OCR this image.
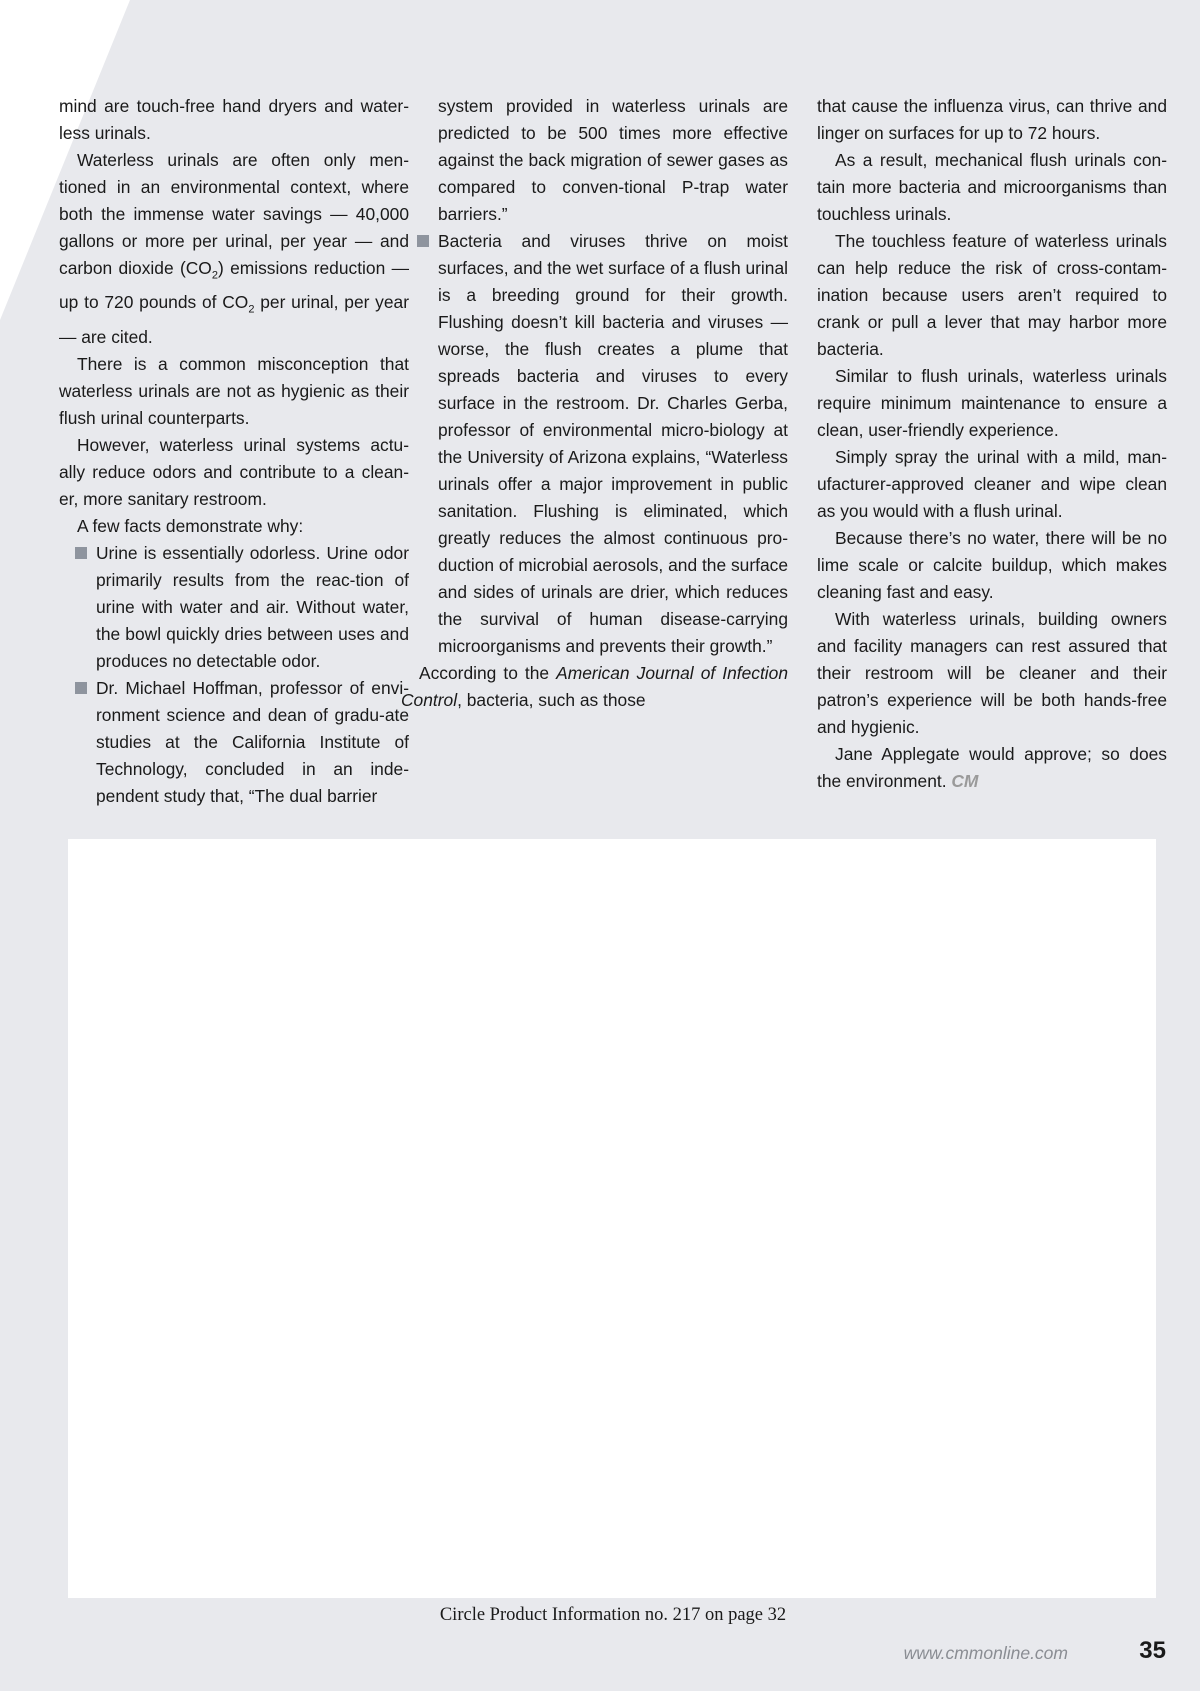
mind are touch-free hand dryers and water-less urinals.

Waterless urinals are often only men-tioned in an environmental context, where both the immense water savings — 40,000 gallons or more per urinal, per year — and carbon dioxide $(CO_2)$ emissions reduction — up to 720 pounds of $CO_2$ per urinal, per year — are cited.

There is a common misconception that waterless urinals are not as hygienic as their flush urinal counterparts.

However, waterless urinal systems actu-ally reduce odors and contribute to a clean-er, more sanitary restroom.

A few facts demonstrate why:

Urine is essentially odorless. Urine odor primarily results from the reac-tion of urine with water and air. Without water, the bowl quickly dries between uses and produces no detectable odor.
Dr. Michael Hoffman, professor of envi-ronment science and dean of gradu-ate studies at the California Institute of Technology, concluded in an inde-pendent study that, “The dual barrier
system provided in waterless urinals are predicted to be 500 times more effective against the back migration of sewer gases as compared to conven-tional P-trap water barriers.”
Bacteria and viruses thrive on moist surfaces, and the wet surface of a flush urinal is a breeding ground for their growth. Flushing doesn’t kill bacteria and viruses — worse, the flush creates a plume that spreads bacteria and viruses to every surface in the restroom. Dr. Charles Gerba, professor of environmental micro-biology at the University of Arizona explains, “Waterless urinals offer a major improvement in public sanitation. Flushing is eliminated, which greatly reduces the almost continuous pro-duction of microbial aerosols, and the surface and sides of urinals are drier, which reduces the survival of human disease-carrying microorganisms and prevents their growth.”

According to the American Journal of Infection Control, bacteria, such as those

that cause the influenza virus, can thrive and linger on surfaces for up to 72 hours.

As a result, mechanical flush urinals con-tain more bacteria and microorganisms than touchless urinals.

The touchless feature of waterless urinals can help reduce the risk of cross-contam-ination because users aren’t required to crank or pull a lever that may harbor more bacteria.

Similar to flush urinals, waterless urinals require minimum maintenance to ensure a clean, user-friendly experience.

Simply spray the urinal with a mild, man-ufacturer-approved cleaner and wipe clean as you would with a flush urinal.

Because there’s no water, there will be no lime scale or calcite buildup, which makes cleaning fast and easy.

With waterless urinals, building owners and facility managers can rest assured that their restroom will be cleaner and their patron’s experience will be both hands-free and hygienic.

Jane Applegate would approve; so does the environment. CM

Circle Product Information no. 217 on page 32
www.cmmonline.com	35
